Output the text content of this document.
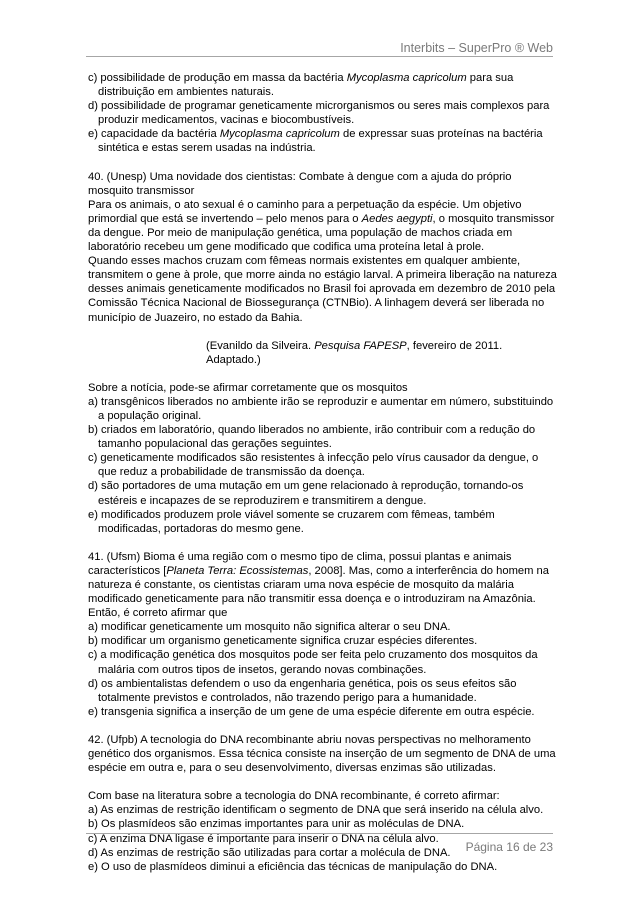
Interbits – SuperPro ® Web

c) possibilidade de produção em massa da bactéria Mycoplasma capricolum para sua distribuição em ambientes naturais.

d) possibilidade de programar geneticamente microrganismos ou seres mais complexos para produzir medicamentos, vacinas e biocombustíveis.

e) capacidade da bactéria Mycoplasma capricolum de expressar suas proteínas na bactéria sintética e estas serem usadas na indústria.

40. (Unesp) Uma novidade dos cientistas: Combate à dengue com a ajuda do próprio mosquito transmissor

Para os animais, o ato sexual é o caminho para a perpetuação da espécie. Um objetivo primordial que está se invertendo – pelo menos para o Aedes aegypti, o mosquito transmissor da dengue. Por meio de manipulação genética, uma população de machos criada em laboratório recebeu um gene modificado que codifica uma proteína letal à prole.

Quando esses machos cruzam com fêmeas normais existentes em qualquer ambiente, transmitem o gene à prole, que morre ainda no estágio larval. A primeira liberação na natureza desses animais geneticamente modificados no Brasil foi aprovada em dezembro de 2010 pela Comissão Técnica Nacional de Biossegurança (CTNBio). A linhagem deverá ser liberada no município de Juazeiro, no estado da Bahia.

(Evanildo da Silveira. Pesquisa FAPESP, fevereiro de 2011. Adaptado.)

Sobre a notícia, pode-se afirmar corretamente que os mosquitos

a) transgênicos liberados no ambiente irão se reproduzir e aumentar em número, substituindo a população original.

b) criados em laboratório, quando liberados no ambiente, irão contribuir com a redução do tamanho populacional das gerações seguintes.

c) geneticamente modificados são resistentes à infecção pelo vírus causador da dengue, o que reduz a probabilidade de transmissão da doença.

d) são portadores de uma mutação em um gene relacionado à reprodução, tornando-os estéreis e incapazes de se reproduzirem e transmitirem a dengue.

e) modificados produzem prole viável somente se cruzarem com fêmeas, também modificadas, portadoras do mesmo gene.

41. (Ufsm) Bioma é uma região com o mesmo tipo de clima, possui plantas e animais característicos [Planeta Terra: Ecossistemas, 2008]. Mas, como a interferência do homem na natureza é constante, os cientistas criaram uma nova espécie de mosquito da malária modificado geneticamente para não transmitir essa doença e o introduziram na Amazônia.

Então, é correto afirmar que

a) modificar geneticamente um mosquito não significa alterar o seu DNA.

b) modificar um organismo geneticamente significa cruzar espécies diferentes.

c) a modificação genética dos mosquitos pode ser feita pelo cruzamento dos mosquitos da malária com outros tipos de insetos, gerando novas combinações.

d) os ambientalistas defendem o uso da engenharia genética, pois os seus efeitos são totalmente previstos e controlados, não trazendo perigo para a humanidade.

e) transgenia significa a inserção de um gene de uma espécie diferente em outra espécie.

42. (Ufpb) A tecnologia do DNA recombinante abriu novas perspectivas no melhoramento genético dos organismos. Essa técnica consiste na inserção de um segmento de DNA de uma espécie em outra e, para o seu desenvolvimento, diversas enzimas são utilizadas.

Com base na literatura sobre a tecnologia do DNA recombinante, é correto afirmar:

a) As enzimas de restrição identificam o segmento de DNA que será inserido na célula alvo.

b) Os plasmídeos são enzimas importantes para unir as moléculas de DNA.

c) A enzima DNA ligase é importante para inserir o DNA na célula alvo.

d) As enzimas de restrição são utilizadas para cortar a molécula de DNA.

e) O uso de plasmídeos diminui a eficiência das técnicas de manipulação do DNA.

Página 16 de 23
